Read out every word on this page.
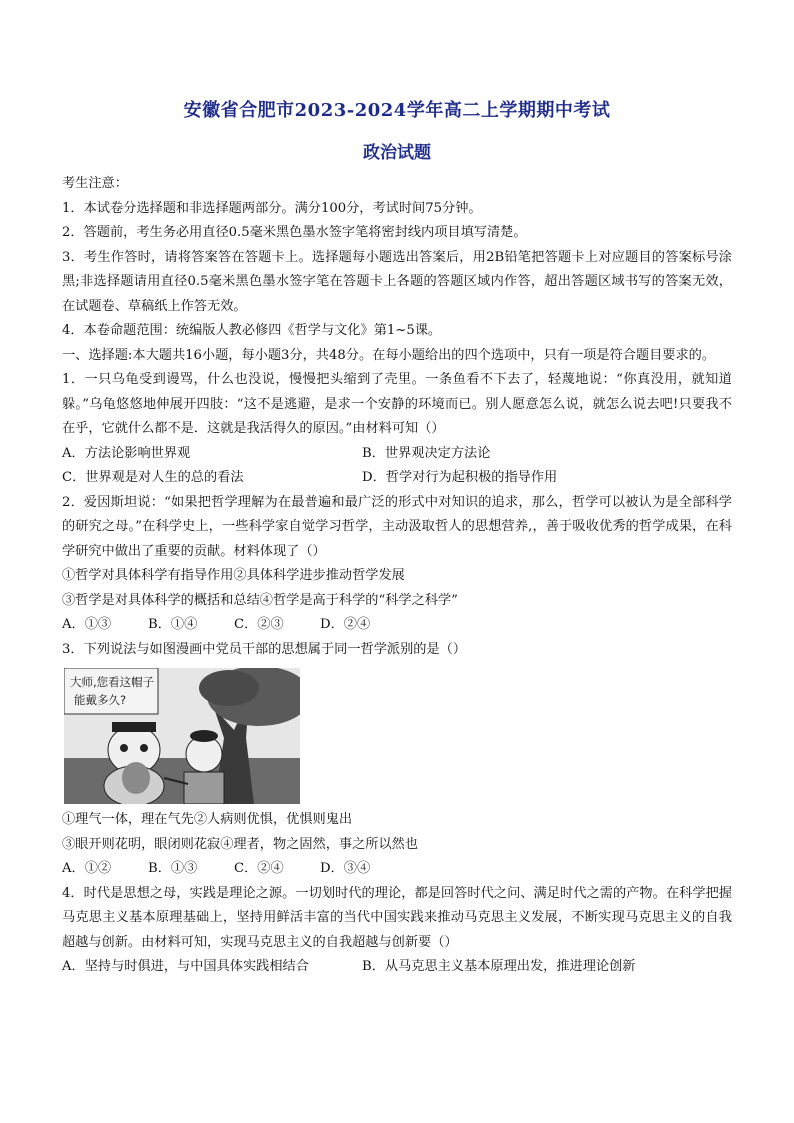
安徽省合肥市2023-2024学年高二上学期期中考试
政治试题

考生注意：

1．本试卷分选择题和非选择题两部分。满分100分，考试时间75分钟。

2．答题前，考生务必用直径0.5毫米黑色墨水签字笔将密封线内项目填写清楚。

3．考生作答时，请将答案答在答题卡上。选择题每小题选出答案后，用2B铅笔把答题卡上对应题目的答案标号涂黑;非选择题请用直径0.5毫米黑色墨水签字笔在答题卡上各题的答题区域内作答，超出答题区域书写的答案无效，在试题卷、草稿纸上作答无效。

4．本卷命题范围：统编版人教必修四《哲学与文化》第1~5课。

一、选择题:本大题共16小题，每小题3分，共48分。在每小题给出的四个选项中，只有一项是符合题目要求的。

1．一只乌龟受到谩骂，什么也没说，慢慢把头缩到了壳里。一条鱼看不下去了，轻蔑地说：“你真没用，就知道躲。”乌龟悠悠地伸展开四肢：“这不是逃避，是求一个安静的环境而已。别人愿意怎么说，就怎么说去吧!只要我不在乎，它就什么都不是．这就是我活得久的原因。”由材料可知（）

A．方法论影响世界观	B．世界观决定方法论
C．世界观是对人生的总的看法	D．哲学对行为起积极的指导作用

2．爱因斯坦说：“如果把哲学理解为在最普遍和最广泛的形式中对知识的追求，那么，哲学可以被认为是全部科学的研究之母。”在科学史上，一些科学家自觉学习哲学，主动汲取哲人的思想营养,，善于吸收优秀的哲学成果，在科学研究中做出了重要的贡献。材料体现了（）

①哲学对具体科学有指导作用②具体科学进步推动哲学发展

③哲学是对具体科学的概括和总结④哲学是高于科学的“科学之科学”

A．①③	B．①④	C．②③	D．②④

3．下列说法与如图漫画中党员干部的思想属于同一哲学派别的是（）

大师,您看这帽子
能戴多久?

①理气一体，理在气先②人病则优惧，优惧则鬼出

③眼开则花明，眼闭则花寂④理者，物之固然，事之所以然也

A．①②	B．①③	C．②④	D．③④

4．时代是思想之母，实践是理论之源。一切划时代的理论，都是回答时代之问、满足时代之需的产物。在科学把握马克思主义基本原理基础上，坚持用鲜活丰富的当代中国实践来推动马克思主义发展，不断实现马克思主义的自我超越与创新。由材料可知，实现马克思主义的自我超越与创新要（）

A．坚持与时俱进，与中国具体实践相结合	B．从马克思主义基本原理出发，推进理论创新
